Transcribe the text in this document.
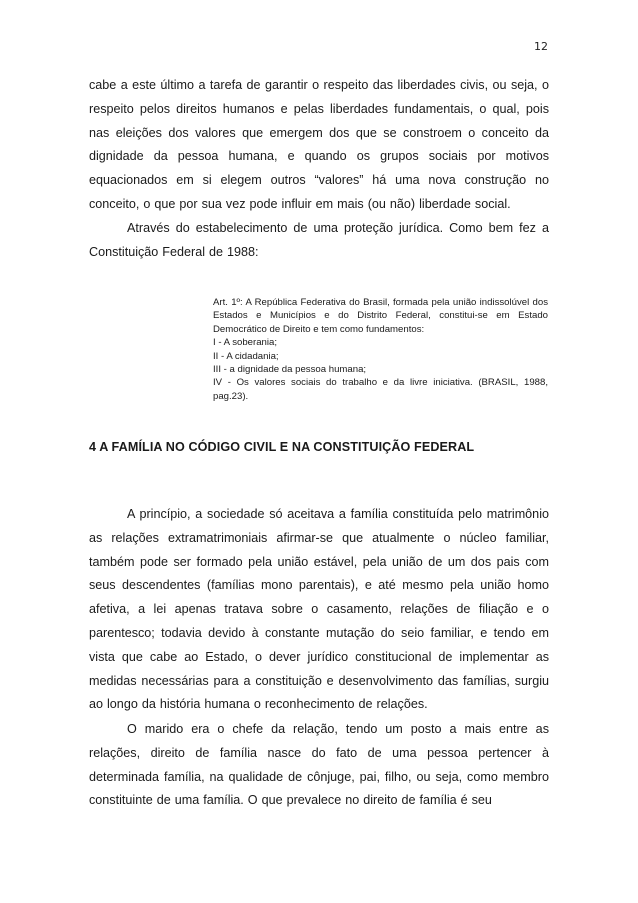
12

cabe a este último a tarefa de garantir o respeito das liberdades civis, ou seja, o respeito pelos direitos humanos e pelas liberdades fundamentais, o qual, pois nas eleições dos valores que emergem dos que se constroem o conceito da dignidade da pessoa humana, e quando os grupos sociais por motivos equacionados em si elegem outros “valores” há uma nova construção no conceito, o que por sua vez pode influir em mais (ou não) liberdade social.

Através do estabelecimento de uma proteção jurídica. Como bem fez a Constituição Federal de 1988:

Art. 1º: A República Federativa do Brasil, formada pela união indissolúvel dos Estados e Municípios e do Distrito Federal, constitui-se em Estado Democrático de Direito e tem como fundamentos:

I - A soberania;

II - A cidadania;

III - a dignidade da pessoa humana;

IV - Os valores sociais do trabalho e da livre iniciativa. (BRASIL, 1988, pag.23).

4 A FAMÍLIA NO CÓDIGO CIVIL E NA CONSTITUIÇÃO FEDERAL

A princípio, a sociedade só aceitava a família constituída pelo matrimônio as relações extramatrimoniais afirmar-se que atualmente o núcleo familiar, também pode ser formado pela união estável, pela união de um dos pais com seus descendentes (famílias mono parentais), e até mesmo pela união homo afetiva, a lei apenas tratava sobre o casamento, relações de filiação e o parentesco; todavia devido à constante mutação do seio familiar, e tendo em vista que cabe ao Estado, o dever jurídico constitucional de implementar as medidas necessárias para a constituição e desenvolvimento das famílias, surgiu ao longo da história humana o reconhecimento de relações.

O marido era o chefe da relação, tendo um posto a mais entre as relações, direito de família nasce do fato de uma pessoa pertencer à determinada família, na qualidade de cônjuge, pai, filho, ou seja, como membro constituinte de uma família. O que prevalece no direito de família é seu
